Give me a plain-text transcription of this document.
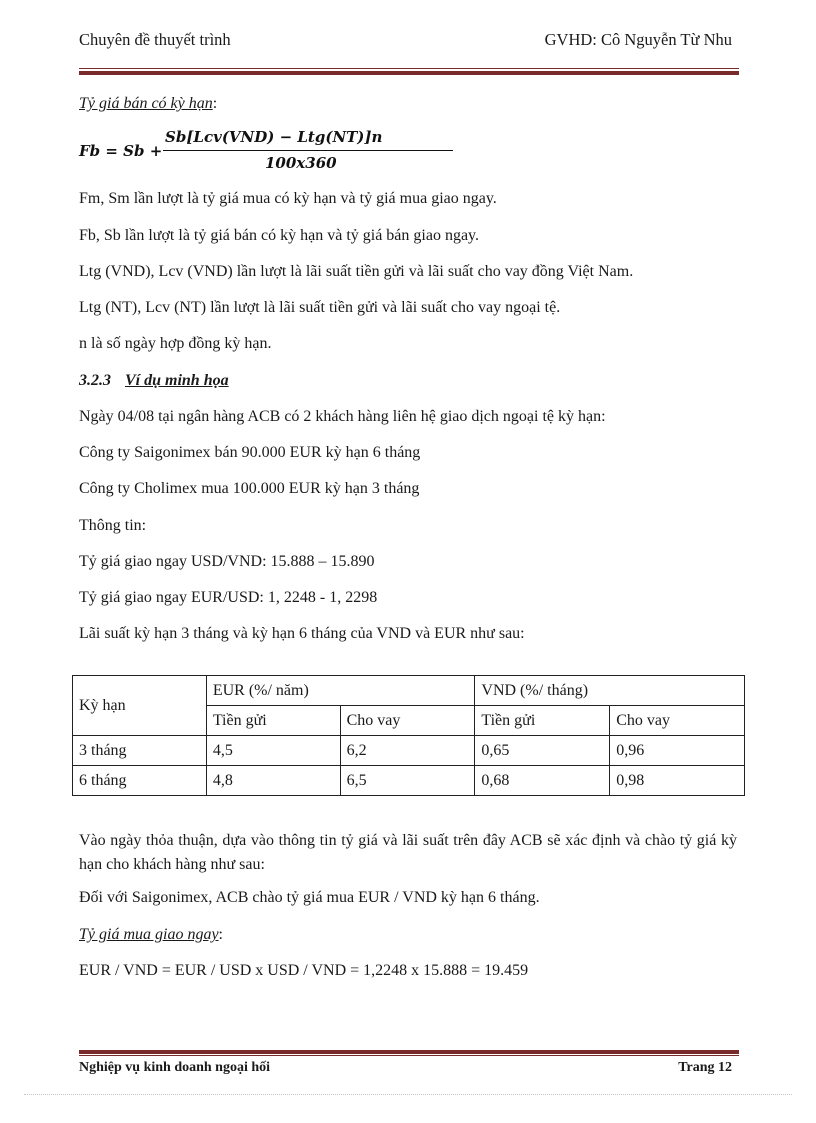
Chuyên đề thuyết trình	GVHD: Cô Nguyễn Từ Nhu
Tỷ giá bán có kỳ hạn:
Fb = Sb +
Sb[Lcv(VND) − Ltg(NT)]n
100x360
Fm, Sm lần lượt là tỷ giá mua có kỳ hạn và tỷ giá mua giao ngay.
Fb, Sb lần lượt là tỷ giá bán có kỳ hạn và tỷ giá bán giao ngay.
Ltg (VND), Lcv (VND) lần lượt là lãi suất tiền gửi và lãi suất cho vay đồng Việt Nam.
Ltg (NT), Lcv (NT) lần lượt là lãi suất tiền gửi và lãi suất cho vay ngoại tệ.
n là số ngày hợp đồng kỳ hạn.
3.2.3 Ví dụ minh họa
Ngày 04/08 tại ngân hàng ACB có 2 khách hàng liên hệ giao dịch ngoại tệ kỳ hạn:
Công ty Saigonimex bán 90.000 EUR kỳ hạn 6 tháng
Công ty Cholimex mua 100.000 EUR kỳ hạn 3 tháng
Thông tin:
Tỷ giá giao ngay USD/VND: 15.888 – 15.890
Tỷ giá giao ngay EUR/USD: 1, 2248 - 1, 2298
Lãi suất kỳ hạn 3 tháng và kỳ hạn 6 tháng của VND và EUR như sau:
Kỳ hạn	EUR (%/ năm)		VND (%/ tháng)	
	Tiền gửi	Cho vay	Tiền gửi	Cho vay
3 tháng	4,5	6,2	0,65	0,96
6 tháng	4,8	6,5	0,68	0,98
Vào ngày thỏa thuận, dựa vào thông tin tỷ giá và lãi suất trên đây ACB sẽ xác định và chào tỷ giá kỳ hạn cho khách hàng như sau:
Đối với Saigonimex, ACB chào tỷ giá mua EUR / VND kỳ hạn 6 tháng.
Tỷ giá mua giao ngay:
EUR / VND = EUR / USD x USD / VND = 1,2248 x 15.888 = 19.459
Nghiệp vụ kinh doanh ngoại hối	Trang 12
